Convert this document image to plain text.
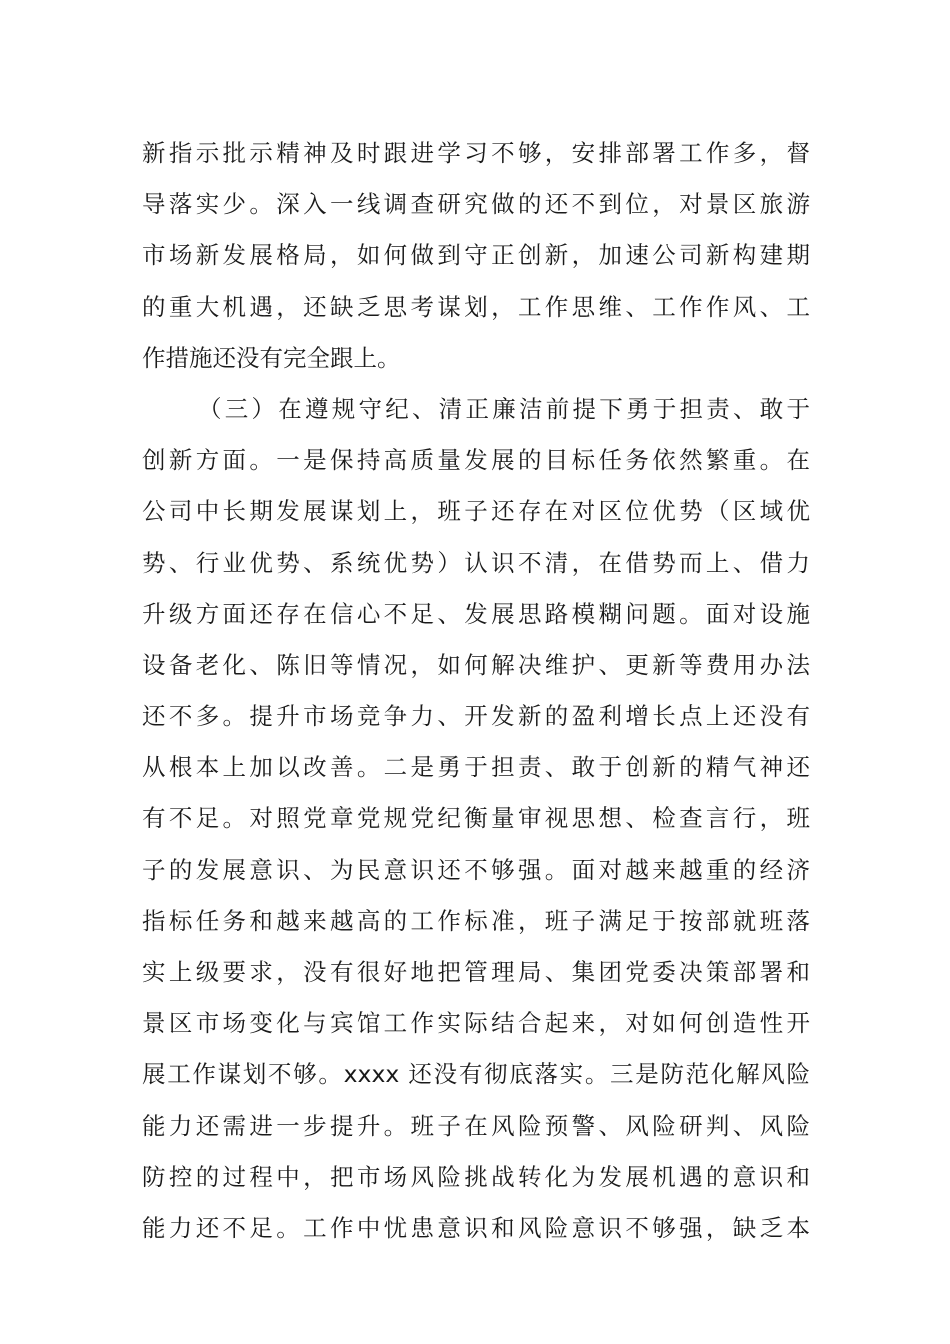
新指示批示精神及时跟进学习不够，安排部署工作多，督
导落实少。深入一线调查研究做的还不到位，对景区旅游
市场新发展格局，如何做到守正创新，加速公司新构建期
的重大机遇，还缺乏思考谋划，工作思维、工作作风、工
作措施还没有完全跟上。
（三）在遵规守纪、清正廉洁前提下勇于担责、敢于
创新方面。一是保持高质量发展的目标任务依然繁重。在
公司中长期发展谋划上，班子还存在对区位优势（区域优
势、行业优势、系统优势）认识不清，在借势而上、借力
升级方面还存在信心不足、发展思路模糊问题。面对设施
设备老化、陈旧等情况，如何解决维护、更新等费用办法
还不多。提升市场竞争力、开发新的盈利增长点上还没有
从根本上加以改善。二是勇于担责、敢于创新的精气神还
有不足。对照党章党规党纪衡量审视思想、检查言行，班
子的发展意识、为民意识还不够强。面对越来越重的经济
指标任务和越来越高的工作标准，班子满足于按部就班落
实上级要求，没有很好地把管理局、集团党委决策部署和
景区市场变化与宾馆工作实际结合起来，对如何创造性开
展工作谋划不够。xxxx 还没有彻底落实。三是防范化解风险
能力还需进一步提升。班子在风险预警、风险研判、风险
防控的过程中，把市场风险挑战转化为发展机遇的意识和
能力还不足。工作中忧患意识和风险意识不够强，缺乏本
